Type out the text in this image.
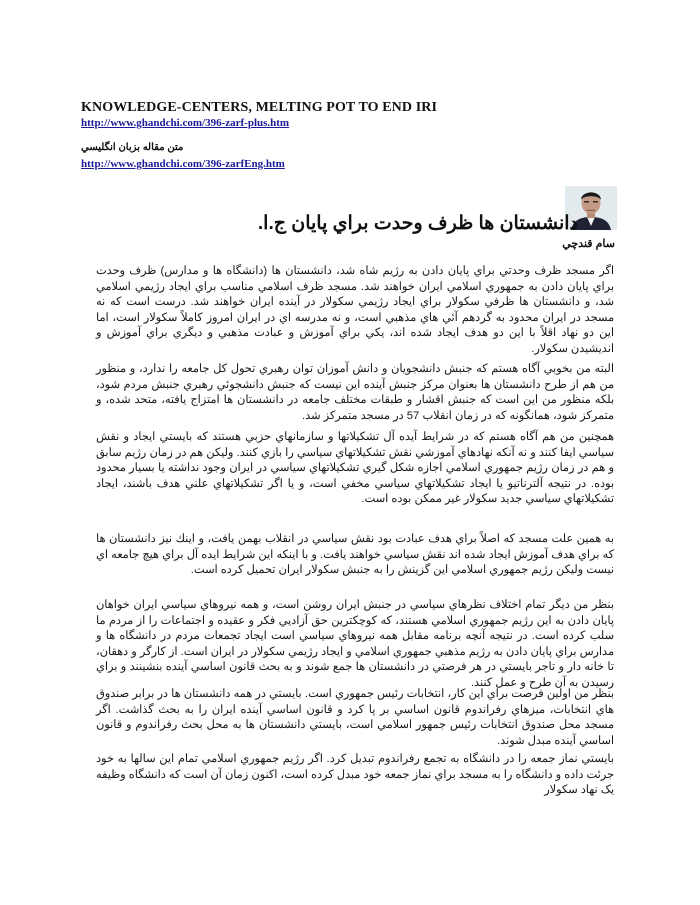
KNOWLEDGE-CENTERS, MELTING POT TO END IRI
http://www.ghandchi.com/396-zarf-plus.htm
متن مقاله بزبان انگليسي
http://www.ghandchi.com/396-zarfEng.htm
دانشستان ها ظرف وحدت براي پايان ج.ا.
سام قندچي

اگر مسجد ظرف وحدتي براي پايان دادن به رژيم شاه شد، دانشستان ها (دانشگاه ها و مدارس) ظرف وحدت براي پايان دادن به جمهوري اسلامي ايران خواهند شد. مسجد ظرف اسلامي مناسب براي ايجاد رژيمي اسلامي شد، و دانشستان ها ظرفي سكولار براي ايجاد رژيمي سكولار در آينده ايران خواهند شد. درست است كه نه مسجد در ايران محدود به گردهم آئي هاي مذهبي است، و نه مدرسه اي در ايران امروز كاملاً سكولار است، اما اين دو نهاد اقلاً با اين دو هدف ايجاد شده اند، يكي براي آموزش و عبادت مذهبي و ديگري براي آموزش و انديشيدن سكولار.

البته من بخوبي آگاه هستم كه جنبش دانشجويان و دانش آموزان توان رهبري تحول كل جامعه را ندارد، و منظور من هم از طرح دانشستان ها بعنوان مركز جنبش آينده اين نيست كه جنبش دانشجوئي رهبري جنبش مردم شود، بلكه منظور من اين است كه جنبش اقشار و طبقات مختلف جامعه در دانشستان ها امتزاج يافته، متحد شده، و متمركز شود، همانگونه كه در زمان انقلاب 57 در مسجد متمركز شد.

همچنين من هم آگاه هستم كه در شرايط آيده آل تشكيلاتها و سازمانهاي حزبي هستند كه بايستي ايجاد و نقش سياسي ايفا كنند و نه آنكه نهادهاي آموزشي نقش تشكيلاتهاي سياسي را بازي كنند. وليكن هم در زمان رژيم سابق و هم در زمان رژيم جمهوري اسلامي اجازه شكل گيري تشكيلاتهاي سياسي در ايران وجود نداشته يا بسيار محدود بوده. در نتيجه آلترناتيو يا ايجاد تشكيلاتهاي سياسي مخفي است، و يا اگر تشكيلاتهاي علني هدف باشند، ايجاد تشكيلاتهاي سياسي جديد سكولار غير ممكن بوده است.

به همين علت مسجد كه اصلاً براي هدف عبادت بود نقش سياسي در انقلاب بهمن يافت، و اينك نيز دانشستان ها كه براي هدف آموزش ايجاد شده اند نقش سياسي خواهند يافت. و با اينكه اين شرايط ايده آل براي هيچ جامعه اي نيست وليكن رژيم جمهوري اسلامي اين گزينش را به جنبش سكولار ايران تحميل كرده است.

بنظر من ديگر تمام اختلاف نظرهاي سياسي در جنبش ايران روشن است، و همه نيروهاي سياسي ايران خواهان پايان دادن به اين رژيم جمهوري اسلامي هستند، كه كوچكترين حق آزاديي فكر و عقيده و اجتماعات را از مردم ما سلب كرده است. در نتيجه آنچه برنامه مقابل همه نيروهاي سياسي است ايجاد تجمعات مردم در دانشگاه ها و مدارس براي پايان دادن به رژيم مذهبي جمهوري اسلامي و ايجاد رژيمي سكولار در ايران است. از كارگر و دهقان، تا خانه دار و تاجر بايستي در هر فرصتي در دانشستان ها جمع شوند و به بحث قانون اساسي آينده بنشينند و براي رسيدن به آن طرح و عمل كنند.

بنظر من اولين فرصت براي اين كار، انتخابات رئيس جمهوري است. بايستي در همه دانشستان ها در برابر صندوق هاي انتخابات، ميزهاي رفراندوم قانون اساسي بر پا كرد و قانون اساسي آينده ايران را به بحث گذاشت. اگر مسجد محل صندوق انتخابات رئيس جمهور اسلامي است، بايستي دانشستان ها به محل بحث رفراندوم و قانون اساسي آينده مبدل شوند.

بايستي نماز جمعه را در دانشگاه به تجمع رفراندوم تبديل كرد. اگر رژيم جمهوري اسلامي تمام اين سالها به خود جرئت داده و دانشگاه را به مسجد براي نماز جمعه خود مبدل كرده است، اكنون زمان آن است كه دانشگاه وظيفه يک نهاد سكولار
